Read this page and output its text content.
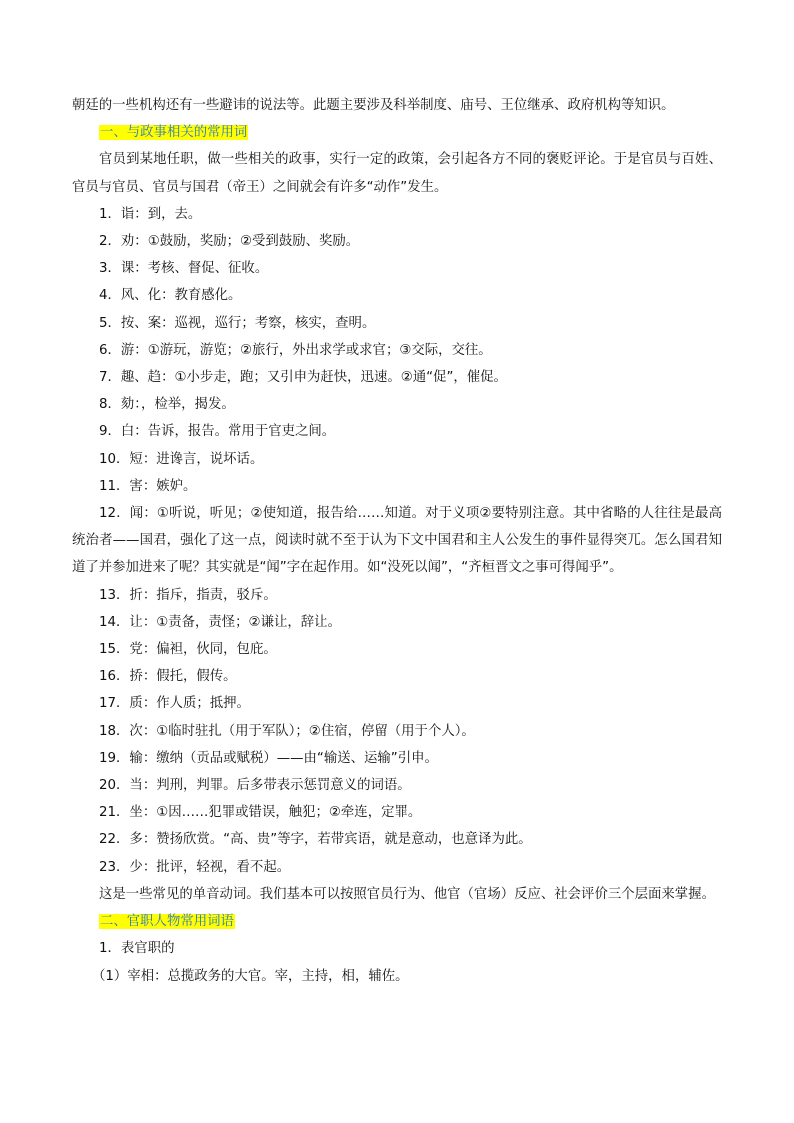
朝廷的一些机构还有一些避讳的说法等。此题主要涉及科举制度、庙号、王位继承、政府机构等知识。
一、与政事相关的常用词
官员到某地任职，做一些相关的政事，实行一定的政策，会引起各方不同的褒贬评论。于是官员与百姓、官员与官员、官员与国君（帝王）之间就会有许多“动作”发生。
1．诣：到，去。
2．劝：①鼓励，奖励；②受到鼓励、奖励。
3．课：考核、督促、征收。
4．风、化：教育感化。
5．按、案：巡视，巡行；考察，核实，查明。
6．游：①游玩，游览；②旅行，外出求学或求官；③交际，交往。
7．趣、趋：①小步走，跑；又引申为赶快，迅速。②通“促”，催促。
8．劾：，检举，揭发。
9．白：告诉，报告。常用于官吏之间。
10．短：进谗言，说坏话。
11．害：嫉妒。
12．闻：①听说，听见；②使知道，报告给……知道。对于义项②要特别注意。其中省略的人往往是最高统治者——国君，强化了这一点，阅读时就不至于认为下文中国君和主人公发生的事件显得突兀。怎么国君知道了并参加进来了呢？其实就是“闻”字在起作用。如“没死以闻”，“齐桓晋文之事可得闻乎”。
13．折：指斥，指责，驳斥。
14．让：①责备，责怪；②谦让，辞让。
15．党：偏袒，伙同，包庇。
16．挢：假托，假传。
17．质：作人质；抵押。
18．次：①临时驻扎（用于军队）；②住宿，停留（用于个人）。
19．输：缴纳（贡品或赋税）——由“输送、运输”引申。
20．当：判刑，判罪。后多带表示惩罚意义的词语。
21．坐：①因……犯罪或错误，触犯；②牵连，定罪。
22．多：赞扬欣赏。“高、贵”等字，若带宾语，就是意动，也意译为此。
23．少：批评，轻视，看不起。
这是一些常见的单音动词。我们基本可以按照官员行为、他官（官场）反应、社会评价三个层面来掌握。
二、官职人物常用词语
1．表官职的
（1）宰相：总揽政务的大官。宰，主持，相，辅佐。
